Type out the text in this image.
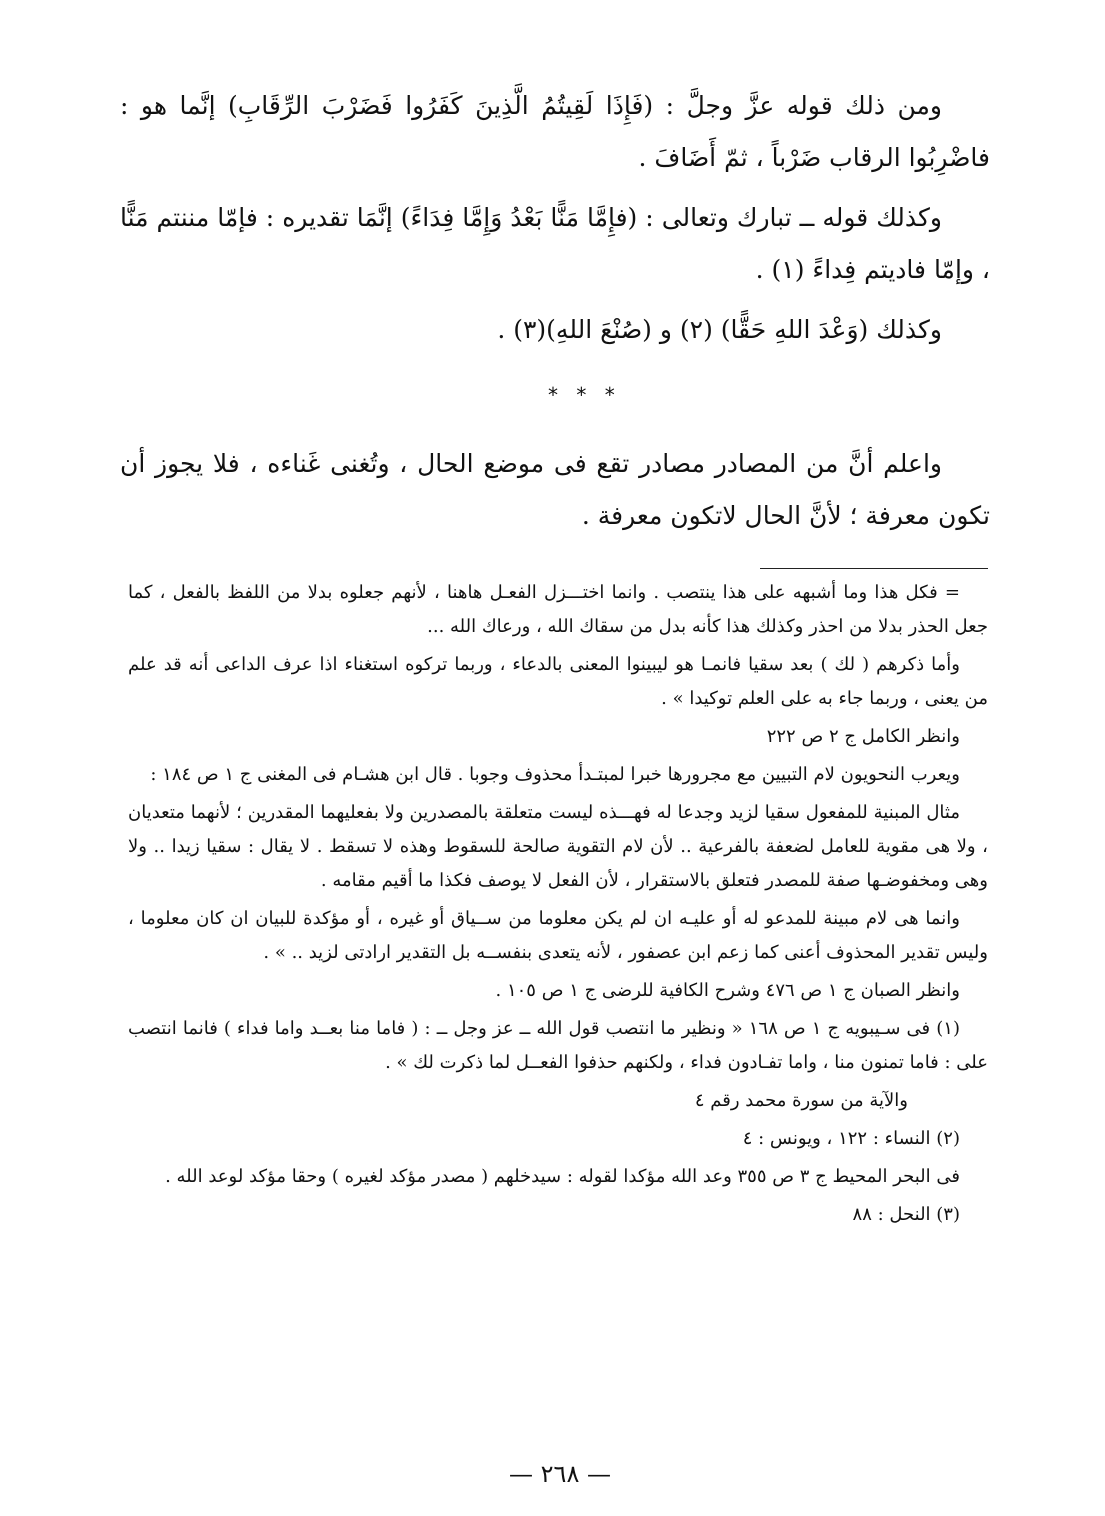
ومن ذلك قوله عزَّ وجلَّ : (فَإِذَا لَقِيتُمُ الَّذِينَ كَفَرُوا فَضَرْبَ الرِّقَابِ) إنَّما هو : فاضْرِبُوا الرقاب ضَرْباً ، ثمّ أَضَافَ .

وكذلك قوله ــ تبارك وتعالى : (فإِمَّا مَنًّا بَعْدُ وَإِمَّا فِدَاءً) إنَّمَا تقديره : فإمّا مننتم مَنًّا ، وإمّا فاديتم فِداءً (١) .

وكذلك (وَعْدَ اللهِ حَقًّا) (٢) و (صُنْعَ اللهِ)(٣) .

* * *

واعلم أنَّ من المصادر مصادر تقع فى موضع الحال ، وتُغنى غَناءه ، فلا يجوز أن تكون معرفة ؛ لأنَّ الحال لاتكون معرفة .

= فكل هذا وما أشبهه على هذا ينتصب . وانما اختـــزل الفعـل هاهنا ، لأنهم جعلوه بدلا من اللفظ بالفعل ، كما جعل الحذر بدلا من احذر وكذلك هذا كأنه بدل من سقاك الله ، ورعاك الله ...

وأما ذكرهم ( لك ) بعد سقيا فانمـا هو ليبينوا المعنى بالدعاء ، وربما تركوه استغناء اذا عرف الداعى أنه قد علم من يعنى ، وربما جاء به على العلم توكيدا » .

وانظر الكامل ج ٢ ص ٢٢٢

ويعرب النحويون لام التبيين مع مجرورها خبرا لمبتـدأ محذوف وجوبا . قال ابن هشـام فى المغنى ج ١ ص ١٨٤ :

مثال المبنية للمفعول سقيا لزيد وجدعا له فهـــذه ليست متعلقة بالمصدرين ولا بفعليهما المقدرين ؛ لأنهما متعديان ، ولا هى مقوية للعامل لضعفة بالفرعية .. لأن لام التقوية صالحة للسقوط وهذه لا تسقط . لا يقال : سقيا زيدا .. ولا وهى ومخفوضـها صفة للمصدر فتعلق بالاستقرار ، لأن الفعل لا يوصف فكذا ما أقيم مقامه .

وانما هى لام مبينة للمدعو له أو عليـه ان لم يكن معلوما من ســياق أو غيره ، أو مؤكدة للبيان ان كان معلوما ، وليس تقدير المحذوف أعنى كما زعم ابن عصفور ، لأنه يتعدى بنفســه بل التقدير ارادتى لزيد .. » .

وانظر الصبان ج ١ ص ٤٧٦ وشرح الكافية للرضى ج ١ ص ١٠٥ .

(١) فى سـيبويه ج ١ ص ١٦٨ « ونظير ما انتصب قول الله ــ عز وجل ــ : ( فاما منا بعــد واما فداء ) فانما انتصب على : فاما تمنون منا ، واما تفـادون فداء ، ولكنهم حذفوا الفعــل لما ذكرت لك » .

والآية من سورة محمد رقم ٤

(٢) النساء : ١٢٢ ، ويونس : ٤

فى البحر المحيط ج ٣ ص ٣٥٥ وعد الله مؤكدا لقوله : سيدخلهم ( مصدر مؤكد لغيره ) وحقا مؤكد لوعد الله .

(٣) النحل : ٨٨

— ٢٦٨ —
